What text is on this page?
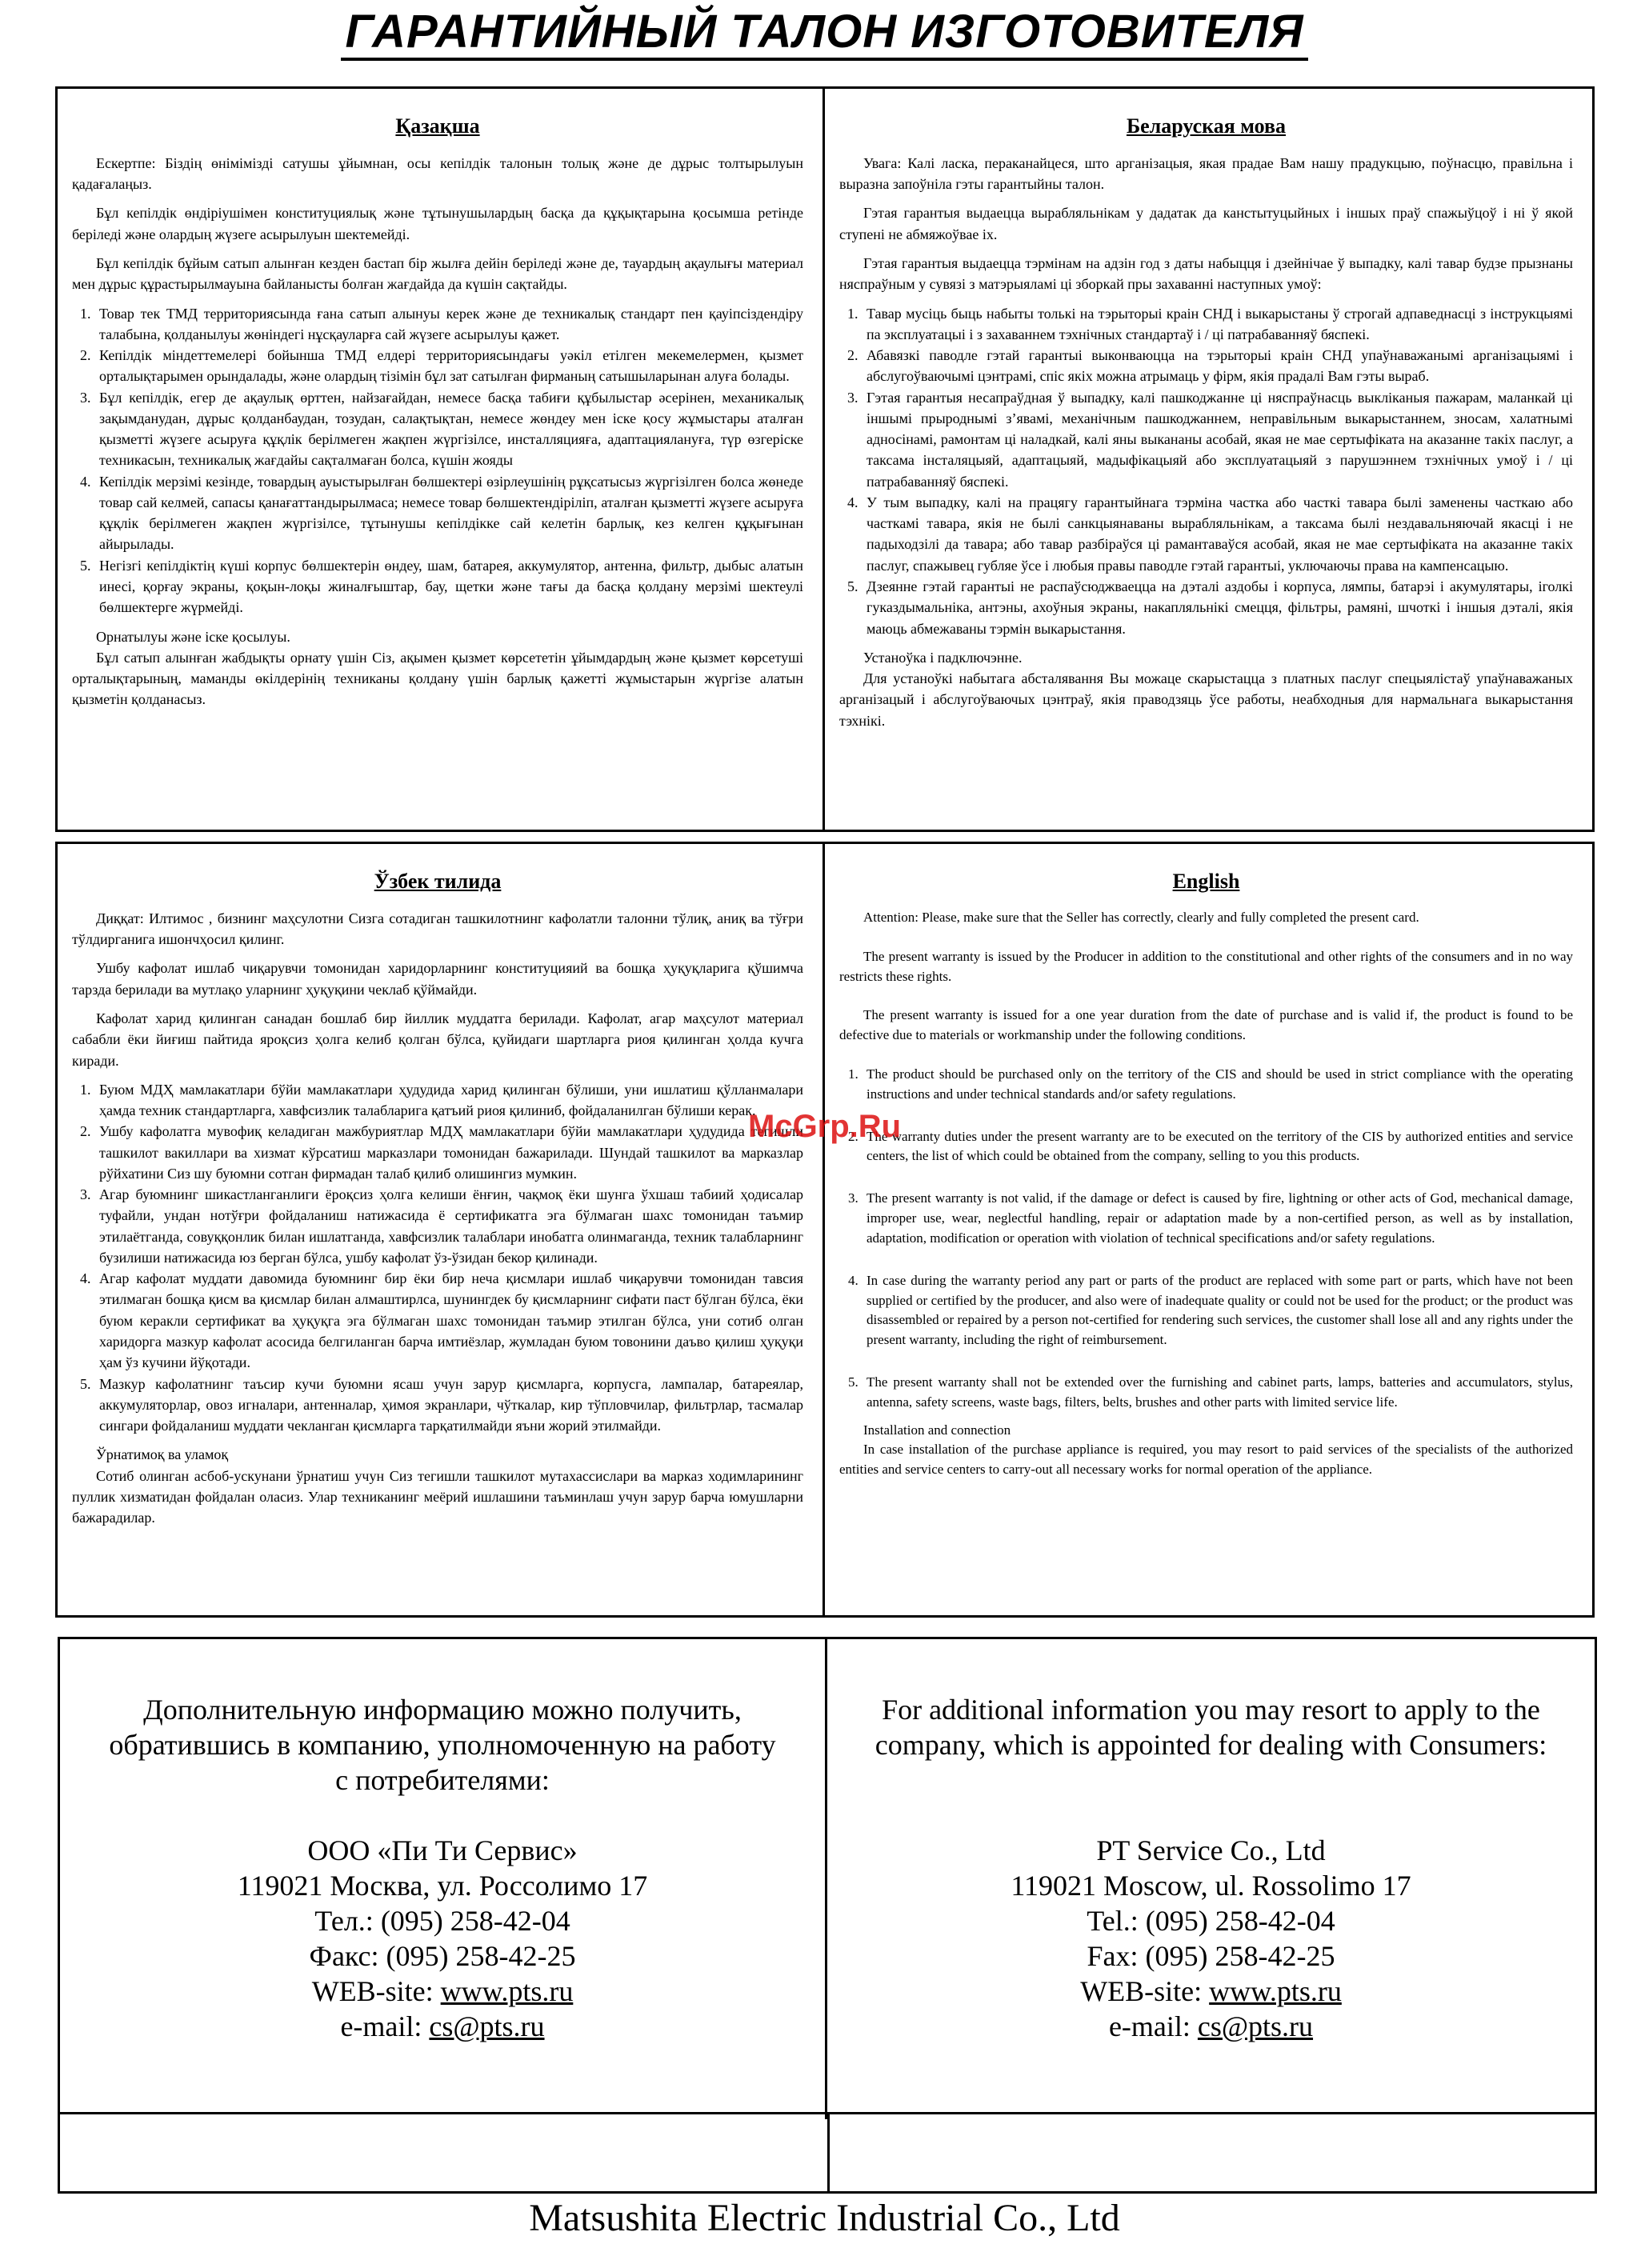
ГАРАНТИЙНЫЙ ТАЛОН ИЗГОТОВИТЕЛЯ
Қазақша

Ескертпе: Біздің өнімімізді сатушы ұйымнан, осы кепілдік талонын толық және де дұрыс толтырылуын қадағалаңыз.

Бұл кепілдік өндіріушімен конституциялық және тұтынушылардың басқа да құқықтарына қосымша ретінде беріледі және олардың жүзеге асырылуын шектемейді.

Бұл кепілдік бұйым сатып алынған кезден бастап бір жылға дейін беріледі және де, тауардың ақаулығы материал мен дұрыс құрастырылмауына байланысты болған жағдайда да күшін сақтайды.

1. Товар тек ТМД территориясында ғана сатып алынуы керек және де техникалық стандарт пен қауіпсіздендіру талабына, қолданылуы жөніндегі нұсқауларға сай жүзеге асырылуы қажет.
2. Кепілдік міндеттемелері бойынша ТМД елдері территориясындағы уәкіл етілген мекемелермен, қызмет орталықтарымен орындалады, және олардың тізімін бұл зат сатылған фирманың сатышыларынан алуға болады.
3. Бұл кепілдік, егер де ақаулық өрттен, найзағайдан, немесе басқа табиғи құбылыстар әсерінен, механикалық зақымданудан, дұрыс қолданбаудан, тозудан, салақтықтан, немесе жөндеу мен іске қосу жұмыстары аталған қызметті жүзеге асыруға құқлік берілмеген жақпен жүргізілсе, инсталляцияға, адаптациялануға, түр өзгеріске техникасын, техникалық жағдайы сақталмаған болса, күшін жояды
4. Кепілдік мерзімі кезінде, товардың ауыстырылған бөлшектері өзірлеушінің рұқсатысыз жүргізілген болса жөнеде товар сай келмей, сапасы қанағаттандырылмаса; немесе товар бөлшектендіріліп, аталған қызметті жүзеге асыруға құқлік берілмеген жақпен жүргізілсе, тұтынушы кепілдікке сай келетін барлық, кез келген құқығынан айырылады.
5. Негізгі кепілдіктің күші корпус бөлшектерін өндеу, шам, батарея, аккумулятор, антенна, фильтр, дыбыс алатын инесі, қорғау экраны, қоқын-лоқы жиналғыштар, бау, щетки және тағы да басқа қолдану мерзімі шектеулі бөлшектерге жүрмейді.

Орнатылуы және іске қосылуы.

Бұл сатып алынған жабдықты орнату үшін Сіз, ақымен қызмет көрсететін ұйымдардың және қызмет көрсетуші орталықтарының, маманды өкілдерінің техниканы қолдану үшін барлық қажетті жұмыстарын жүргізе алатын қызметін қолданасыз.

Беларуская мова

Увага: Калі ласка, пераканайцеся, што арганізацыя, якая прадае Вам нашу прадукцыю, поўнасцю, правільна і выразна запоўніла гэты гарантыйны талон.

Гэтая гарантыя выдаецца вырабляльнікам у дадатак да канстытуцыйных і іншых праў спажыўцоў і ні ў якой ступені не абмяжоўвае іх.

Гэтая гарантыя выдаецца тэрмінам на адзін год з даты набыцця і дзейнічае ў выпадку, калі тавар будзе прызнаны няспраўным у сувязі з матэрыяламі ці зборкай пры захаванні наступных умоў:

1. Тавар мусіць быць набыты толькі на тэрыторыі краін СНД і выкарыстаны ў строгай адпаведнасці з інструкцыямі па эксплуатацыі і з захаваннем тэхнічных стандартаў і / ці патрабаванняў бяспекі.
2. Абавязкі паводле гэтай гарантыі выконваюцца на тэрыторыі краін СНД упаўнаважанымі арганізацыямі і абслугоўваючымі цэнтрамі, спіс якіх можна атрымаць у фірм, якія прадалі Вам гэты выраб.
3. Гэтая гарантыя несапраўдная ў выпадку, калі пашкоджанне ці няспраўнасць выкліканыя пажарам, маланкай ці іншымі прыроднымі з’явамі, механічным пашкоджаннем, неправільным выкарыстаннем, зносам, халатнымі адносінамі, рамонтам ці наладкай, калі яны выкананы асобай, якая не мае сертыфіката на аказанне такіх паслуг, а таксама інсталяцыяй, адаптацыяй, мадыфікацыяй або эксплуатацыяй з парушэннем тэхнічных умоў і / ці патрабаванняў бяспекі.
4. У тым выпадку, калі на працягу гарантыйнага тэрміна частка або часткі тавара былі заменены часткаю або часткамі тавара, якія не былі санкцыянаваны вырабляльнікам, а таксама былі нездавальняючай якасці і не падыходзілі да тавара; або тавар разбіраўся ці рамантаваўся асобай, якая не мае сертыфіката на аказанне такіх паслуг, спажывец губляе ўсе і любыя правы паводле гэтай гарантыі, уключаючы права на кампенсацыю.
5. Дзеянне гэтай гарантыі не распаўсюджваецца на дэталі аздобы і корпуса, лямпы, батарэі і акумулятары, іголкі гуказдымальніка, антэны, ахоўныя экраны, накапляльнікі смецця, фільтры, рамяні, шчоткі і іншыя дэталі, якія маюць абмежаваны тэрмін выкарыстання.

Устаноўка і падключэнне.

Для устаноўкі набытага абсталявання Вы можаце скарыстацца з платных паслуг спецыялістаў упаўнаважаных арганізацый і абслугоўваючых цэнтраў, якія праводзяць ўсе работы, неабходныя для нармальнага выкарыстання тэхнікі.

Ўзбек тилида

Диққат: Илтимос , бизнинг маҳсулотни Сизга сотадиган ташкилотнинг кафолатли талонни тўлиқ, аниқ ва тўғри тўлдирганига ишончҳосил қилинг.

Ушбу кафолат ишлаб чиқарувчи томонидан харидорларнинг конституцияий ва бошқа ҳуқуқларига қўшимча тарзда берилади ва мутлақо уларнинг ҳуқуқини чеклаб қўймайди.

Кафолат харид қилинган санадан бошлаб бир йиллик муддатга берилади. Кафолат, агар маҳсулот материал сабабли ёки йиғиш пайтида яроқсиз ҳолга келиб қолган бўлса, қуйидаги шартларга риоя қилинган ҳолда кучга киради.

1. Буюм МДҲ мамлакатлари бўйи мамлакатлари ҳудудида харид қилинган бўлиши, уни ишлатиш қўлланмалари ҳамда техник стандартларга, хавфсизлик талабларига қатъий риоя қилиниб, фойдаланилган бўлиши керак.
2. Ушбу кафолатга мувофиқ келадиган мажбуриятлар МДҲ мамлакатлари бўйи мамлакатлари ҳудудида тегишли ташкилот вакиллари ва хизмат кўрсатиш марказлари томонидан бажарилади. Шундай ташкилот ва марказлар рўйхатини Сиз шу буюмни сотган фирмадан талаб қилиб олишингиз мумкин.
3. Агар буюмнинг шикастланганлиги ёроқсиз ҳолга келиши ёнғин, чақмоқ ёки шунга ўхшаш табиий ҳодисалар туфайли, ундан нотўғри фойдаланиш натижасида ё сертификатга эга бўлмаган шахс томонидан таъмир этилаётганда, совуққонлик билан ишлатганда, хавфсизлик талаблари инобатга олинмаганда, техник талабларнинг бузилиши натижасида юз берган бўлса, ушбу кафолат ўз-ўзидан бекор қилинади.
4. Агар кафолат муддати давомида буюмнинг бир ёки бир неча қисмлари ишлаб чиқарувчи томонидан тавсия этилмаган бошқа қисм ва қисмлар билан алмаштирлса, шунингдек бу қисмларнинг сифати паст бўлган бўлса, ёки буюм керакли сертификат ва ҳуқуқга эга бўлмаган шахс томонидан таъмир этилган бўлса, уни сотиб олган харидорга мазкур кафолат асосида белгиланган барча имтиёзлар, жумладан буюм товонини даъво қилиш ҳуқуқи ҳам ўз кучини йўқотади.
5. Мазкур кафолатнинг таъсир кучи буюмни ясаш учун зарур қисмларга, корпусга, лампалар, батареялар, аккумуляторлар, овоз игналари, антенналар, ҳимоя экранлари, чўткалар, кир тўпловчилар, фильтрлар, тасмалар сингари фойдаланиш муддати чекланган қисмларга тарқатилмайди яъни жорий этилмайди.

Ўрнатимоқ ва уламоқ

Сотиб олинган асбоб-ускунани ўрнатиш учун Сиз тегишли ташкилот мутахассислари ва марказ ходимларининг пуллик хизматидан фойдалан оласиз. Улар техниканинг меёрий ишлашини таъминлаш учун зарур барча юмушларни бажарадилар.

English

Attention: Please, make sure that the Seller has correctly, clearly and fully completed the present card.

The present warranty is issued by the Producer in addition to the constitutional and other rights of the consumers and in no way restricts these rights.

The present warranty is issued for a one year duration from the date of purchase and is valid if, the product is found to be defective due to materials or workmanship under the following conditions.

1. The product should be purchased only on the territory of the CIS and should be used in strict compliance with the operating instructions and under technical standards and/or safety regulations.
2. The warranty duties under the present warranty are to be executed on the territory of the CIS by authorized entities and service centers, the list of which could be obtained from the company, selling to you this products.
3. The present warranty is not valid, if the damage or defect is caused by fire, lightning or other acts of God, mechanical damage, improper use, wear, neglectful handling, repair or adaptation made by a non-certified person, as well as by installation, adaptation, modification or operation with violation of technical specifications and/or safety regulations.
4. In case during the warranty period any part or parts of the product are replaced with some part or parts, which have not been supplied or certified by the producer, and also were of inadequate quality or could not be used for the product; or the product was disassembled or repaired by a person not-certified for rendering such services, the customer shall lose all and any rights under the present warranty, including the right of reimbursement.
5. The present warranty shall not be extended over the furnishing and cabinet parts, lamps, batteries and accumulators, stylus, antenna, safety screens, waste bags, filters, belts, brushes and other parts with limited service life.

Installation and connection

In case installation of the purchase appliance is required, you may resort to paid services of the specialists of the authorized entities and service centers to carry-out all necessary works for normal operation of the appliance.

McGrp.Ru
Дополнительную информацию можно получить,
обратившись в компанию, уполномоченную на работу
с потребителями:
ООО «Пи Ти Сервис»
119021 Москва, ул. Россолимо 17
Тел.: (095) 258-42-04
Факс: (095) 258-42-25
WEB-site: www.pts.ru
e-mail: cs@pts.ru
For additional information you may resort to apply to the
company, which is appointed for dealing with Consumers:
PT Service Co., Ltd
119021 Moscow, ul. Rossolimo 17
Tel.: (095) 258-42-04
Fax: (095) 258-42-25
WEB-site: www.pts.ru
e-mail: cs@pts.ru
Matsushita Electric Industrial Co., Ltd
